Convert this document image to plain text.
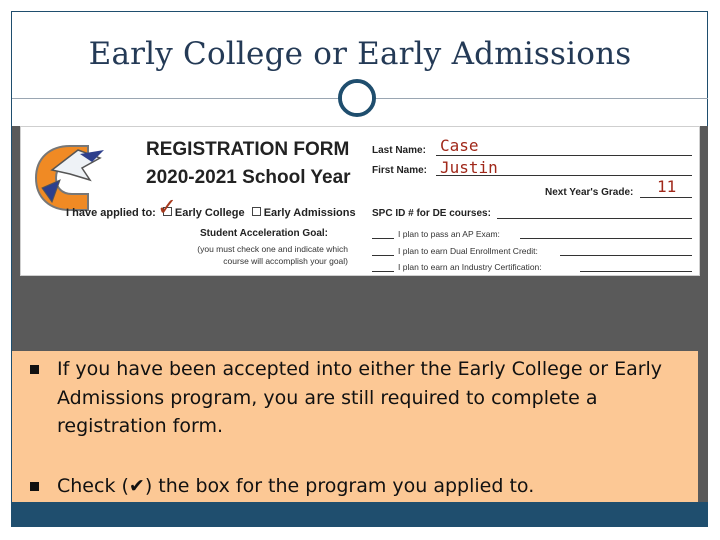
Early College or Early Admissions
REGISTRATION FORM
2020-2021 School Year
I have applied to: Early College Early Admissions
✓
Student Acceleration Goal:
(you must check one and indicate which
course will accomplish your goal)
Last Name: Case
First Name: Justin
Next Year's Grade: 11
SPC ID # for DE courses:
I plan to pass an AP Exam:
I plan to earn Dual Enrollment Credit:
I plan to earn an Industry Certification:
If you have been accepted into either the Early College or Early Admissions program, you are still required to complete a registration form.
Check (✔) the box for the program you applied to.
